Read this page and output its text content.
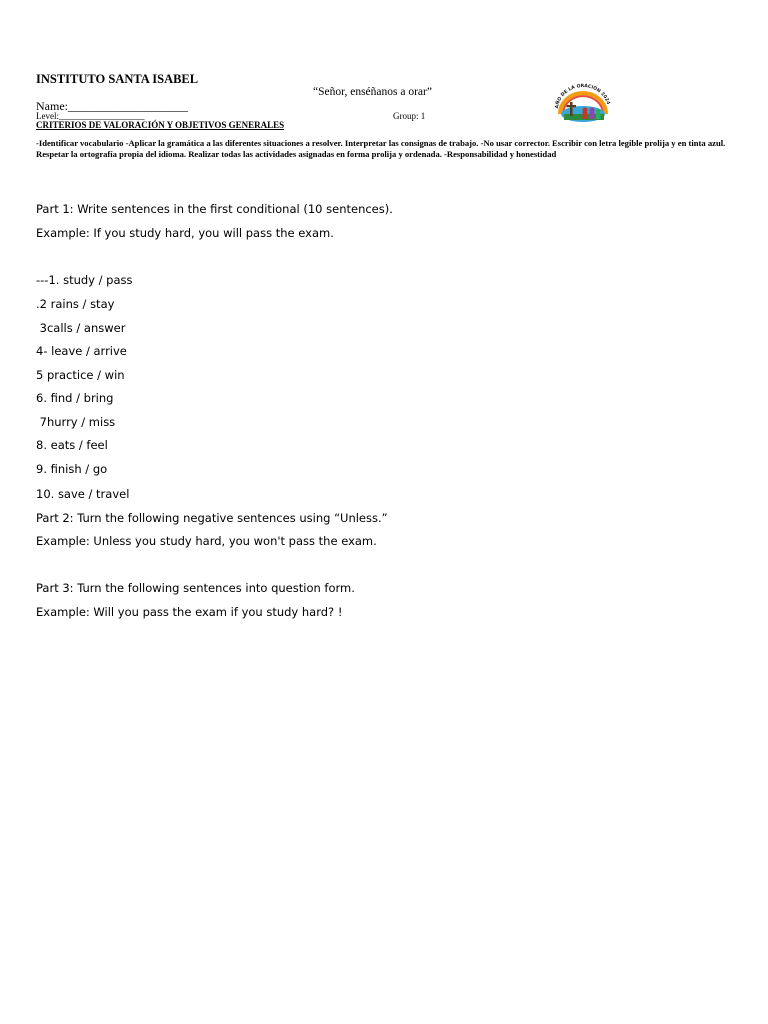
INSTITUTO SANTA ISABEL
“Señor, enséñanos a orar”
Name:____________________
Level:___________________	Group: 1
CRITERIOS DE VALORACIÓN Y OBJETIVOS GENERALES
-Identificar vocabulario -Aplicar la gramática a las diferentes situaciones a resolver. Interpretar las consignas de trabajo. -No usar corrector. Escribir con letra legible prolija y en tinta azul. Respetar la ortografía propia del idioma. Realizar todas las actividades asignadas en forma prolija y ordenada. -Responsabilidad y honestidad
AÑO DE LA ORACIÓN 2024
Part 1: Write sentences in the first conditional (10 sentences).
Example: If you study hard, you will pass the exam.
---1. study / pass
.2 rains / stay
3calls / answer
4- leave / arrive
5 practice / win
6. find / bring
7hurry / miss
8. eats / feel
9. finish / go
10. save / travel
Part 2: Turn the following negative sentences using “Unless.”
Example: Unless you study hard, you won't pass the exam.
Part 3: Turn the following sentences into question form.
Example: Will you pass the exam if you study hard? !
